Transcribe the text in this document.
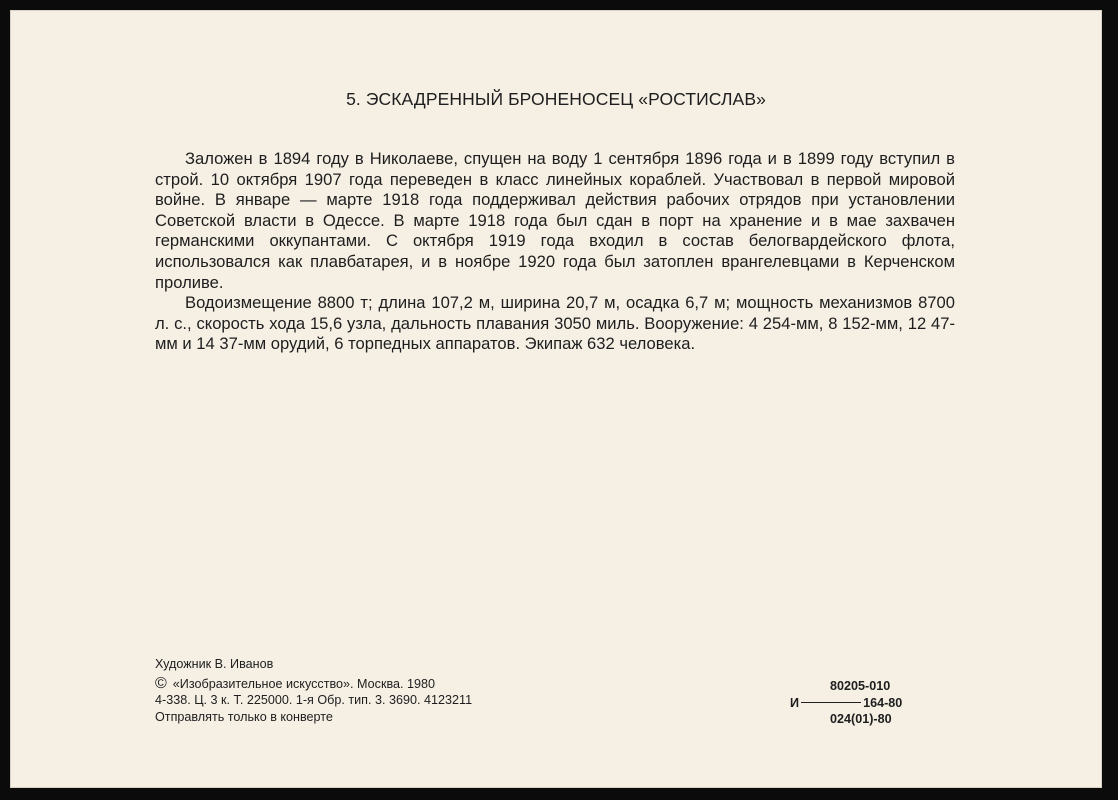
5. ЭСКАДРЕННЫЙ БРОНЕНОСЕЦ «РОСТИСЛАВ»

Заложен в 1894 году в Николаеве, спущен на воду 1 сентября 1896 года и в 1899 году вступил в строй. 10 октября 1907 года переведен в класс линейных кораблей. Участвовал в первой мировой войне. В январе — марте 1918 года поддерживал действия рабочих отрядов при установлении Советской власти в Одессе. В марте 1918 года был сдан в порт на хранение и в мае захвачен германскими оккупантами. С октября 1919 года входил в состав белогвардейского флота, использовался как плавбатарея, и в ноябре 1920 года был затоплен врангелевцами в Керченском проливе.

Водоизмещение 8800 т; длина 107,2 м, ширина 20,7 м, осадка 6,7 м; мощность механизмов 8700 л. с., скорость хода 15,6 узла, дальность плавания 3050 миль. Вооружение: 4 254-мм, 8 152-мм, 12 47-мм и 14 37-мм орудий, 6 торпедных аппаратов. Экипаж 632 человека.

Художник В. Иванов
© «Изобразительное искусство». Москва. 1980
4-338. Ц. 3 к. Т. 225000. 1-я Обр. тип. 3. 3690. 4123211
Отправлять только в конверте
80205-010
И	164-80
024(01)-80
